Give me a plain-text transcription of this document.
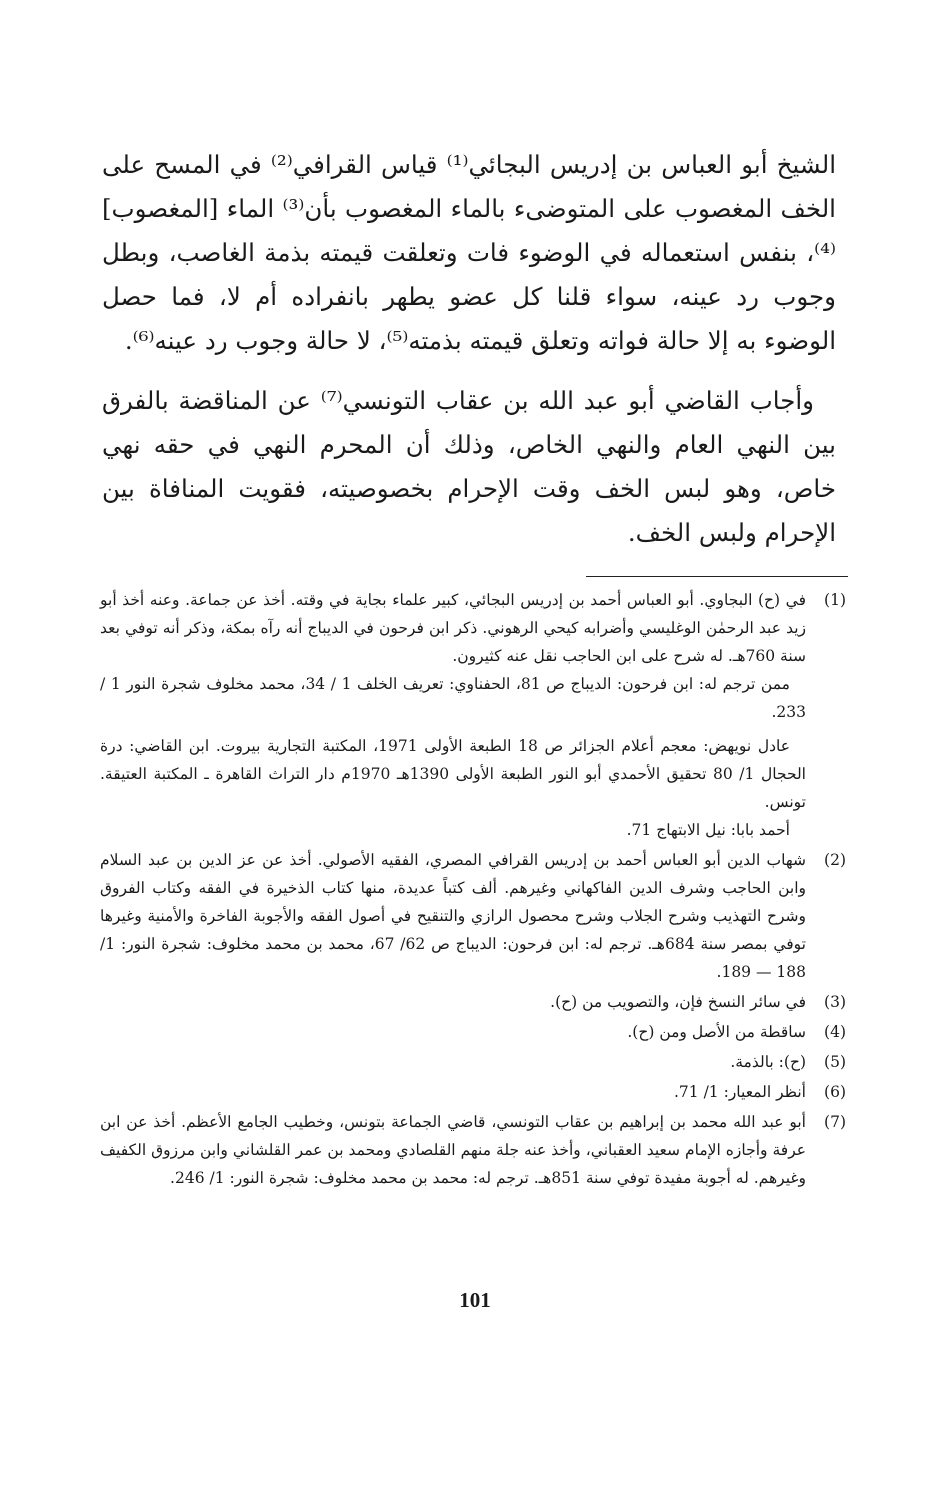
الشيخ أبو العباس بن إدريس البجائي⁽¹⁾ قياس القرافي⁽²⁾ في المسح على الخف المغصوب على المتوضىء بالماء المغصوب بأن⁽³⁾ الماء [المغصوب]⁽⁴⁾، بنفس استعماله في الوضوء فات وتعلقت قيمته بذمة الغاصب، وبطل وجوب رد عينه، سواء قلنا كل عضو يطهر بانفراده أم لا، فما حصل الوضوء به إلا حالة فواته وتعلق قيمته بذمته⁽⁵⁾، لا حالة وجوب رد عينه⁽⁶⁾.

وأجاب القاضي أبو عبد الله بن عقاب التونسي⁽⁷⁾ عن المناقضة بالفرق بين النهي العام والنهي الخاص، وذلك أن المحرم النهي في حقه نهي خاص، وهو لبس الخف وقت الإحرام بخصوصيته، فقويت المنافاة بين الإحرام ولبس الخف.

(1)

في (ح) البجاوي. أبو العباس أحمد بن إدريس البجائي، كبير علماء بجاية في وقته. أخذ عن جماعة. وعنه أخذ أبو زيد عبد الرحمٰن الوغليسي وأضرابه كيحي الرهوني. ذكر ابن فرحون في الديباج أنه رآه بمكة، وذكر أنه توفي بعد سنة 760هـ. له شرح على ابن الحاجب نقل عنه كثيرون.

ممن ترجم له: ابن فرحون: الديباج ص 81، الحفناوي: تعريف الخلف 1 / 34، محمد مخلوف شجرة النور 1 / 233.

عادل نويهض: معجم أعلام الجزائر ص 18 الطبعة الأولى 1971، المكتبة التجارية بيروت. ابن القاضي: درة الحجال 1/ 80 تحقيق الأحمدي أبو النور الطبعة الأولى 1390هـ 1970م دار التراث القاهرة ـ المكتبة العتيقة. تونس.

أحمد بابا: نيل الابتهاج 71.

(2)

شهاب الدين أبو العباس أحمد بن إدريس القرافي المصري، الفقيه الأصولي. أخذ عن عز الدين بن عبد السلام وابن الحاجب وشرف الدين الفاكهاني وغيرهم. ألف كتباً عديدة، منها كتاب الذخيرة في الفقه وكتاب الفروق وشرح التهذيب وشرح الجلاب وشرح محصول الرازي والتنقيح في أصول الفقه والأجوبة الفاخرة والأمنية وغيرها توفي بمصر سنة 684هـ. ترجم له: ابن فرحون: الديباج ص 62/ 67، محمد بن محمد مخلوف: شجرة النور: 1/ 188 — 189.

(3)

في سائر النسخ فإن، والتصويب من (ح).

(4)

ساقطة من الأصل ومن (ح).

(5)

(ح): بالذمة.

(6)

أنظر المعيار: 1/ 71.

(7)

أبو عبد الله محمد بن إبراهيم بن عقاب التونسي، قاضي الجماعة بتونس، وخطيب الجامع الأعظم. أخذ عن ابن عرفة وأجازه الإمام سعيد العقباني، وأخذ عنه جلة منهم القلصادي ومحمد بن عمر القلشاني وابن مرزوق الكفيف وغيرهم. له أجوبة مفيدة توفي سنة 851هـ. ترجم له: محمد بن محمد مخلوف: شجرة النور: 1/ 246.

101
